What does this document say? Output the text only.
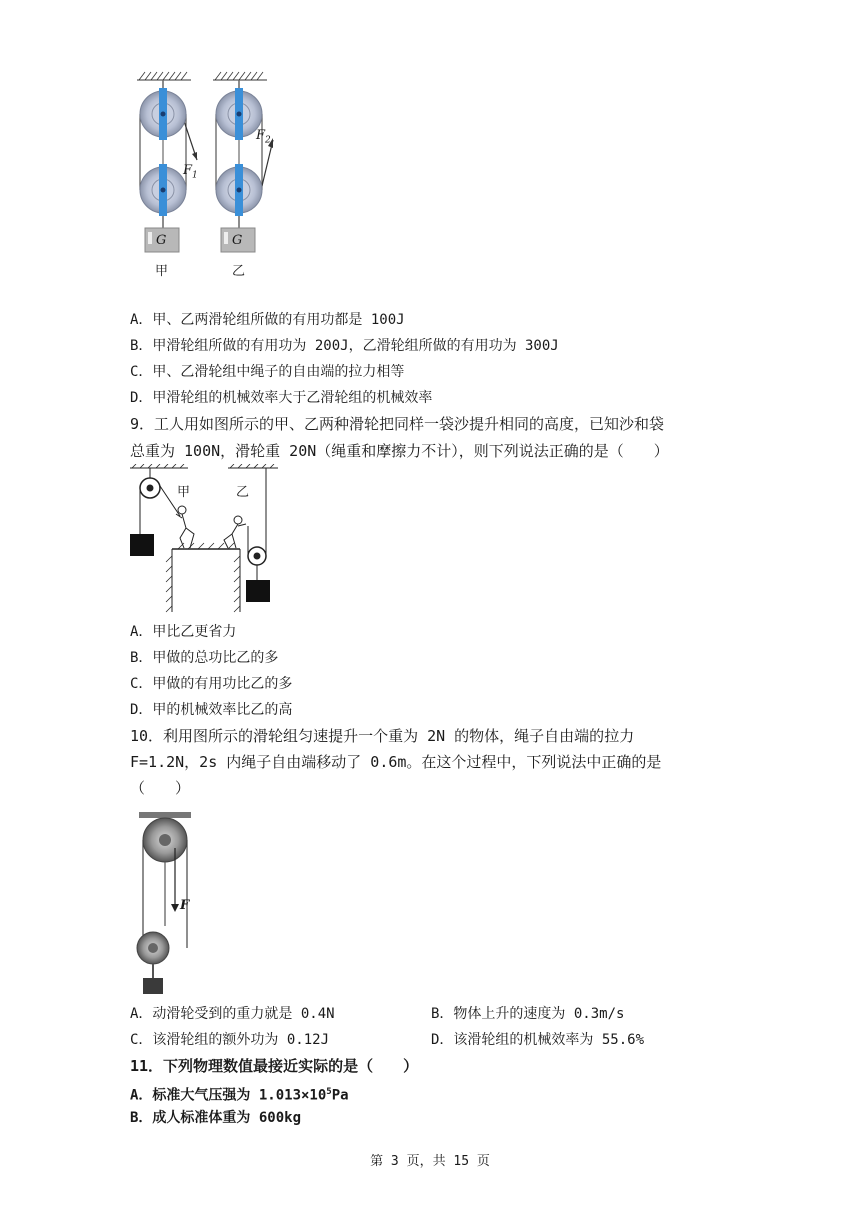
$F_1$
$F_2$
G	G
甲	乙
A．甲、乙两滑轮组所做的有用功都是 100J
B．甲滑轮组所做的有用功为 200J，乙滑轮组所做的有用功为 300J
C．甲、乙滑轮组中绳子的自由端的拉力相等
D．甲滑轮组的机械效率大于乙滑轮组的机械效率
9．工人用如图所示的甲、乙两种滑轮把同样一袋沙提升相同的高度，已知沙和袋
总重为 100N，滑轮重 20N（绳重和摩擦力不计），则下列说法正确的是（　　）
甲	乙
A．甲比乙更省力
B．甲做的总功比乙的多
C．甲做的有用功比乙的多
D．甲的机械效率比乙的高
10．利用图所示的滑轮组匀速提升一个重为 2N 的物体，绳子自由端的拉力
F=1.2N，2s 内绳子自由端移动了 0.6m。在这个过程中，下列说法中正确的是
（　　）
F
A．动滑轮受到的重力就是 0.4N	B．物体上升的速度为 0.3m/s
C．该滑轮组的额外功为 0.12J	D．该滑轮组的机械效率为 55.6%
11．下列物理数值最接近实际的是（　　）
A．标准大气压强为 $1.013\times 10^5Pa$
B．成人标准体重为 600kg
第 3 页，共 15 页
